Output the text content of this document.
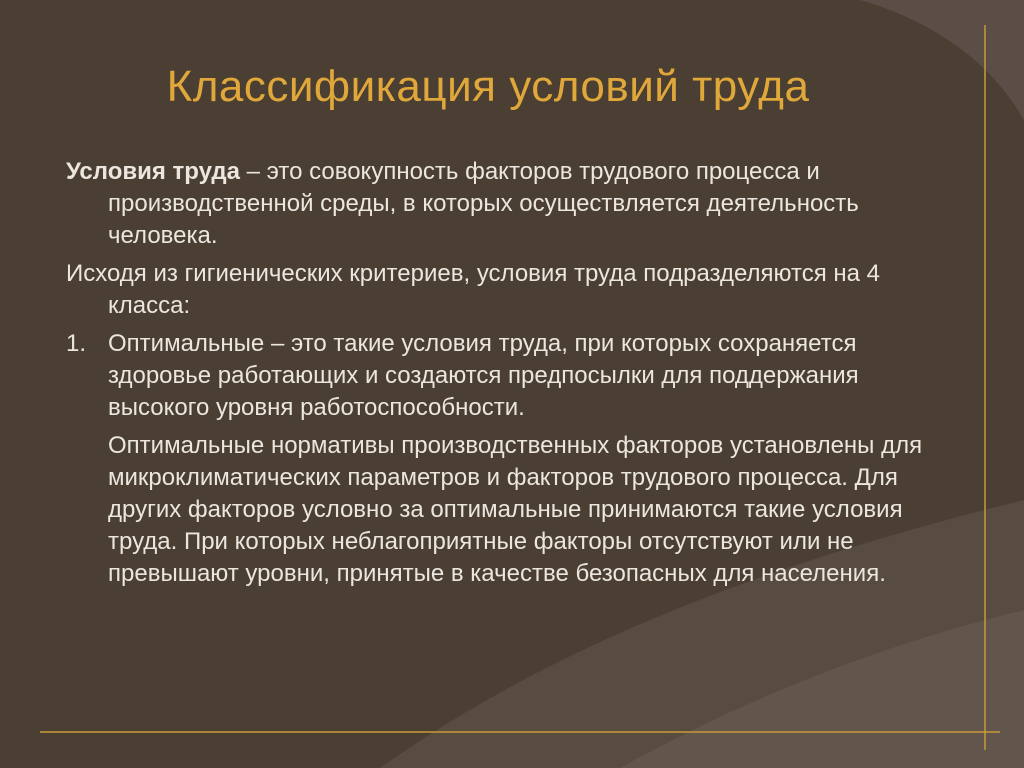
Классификация условий труда

Условия труда – это совокупность факторов трудового процесса и производственной среды, в которых осуществляется деятельность человека.

Исходя из гигиенических критериев, условия труда подразделяются на 4 класса:

1. Оптимальные – это такие условия труда, при которых сохраняется здоровье работающих и создаются предпосылки для поддержания высокого уровня работоспособности.

Оптимальные нормативы производственных факторов установлены для микроклиматических параметров и факторов трудового процесса. Для других факторов условно за оптимальные принимаются такие условия труда. При которых неблагоприятные факторы отсутствуют или не превышают уровни, принятые в качестве безопасных для населения.
